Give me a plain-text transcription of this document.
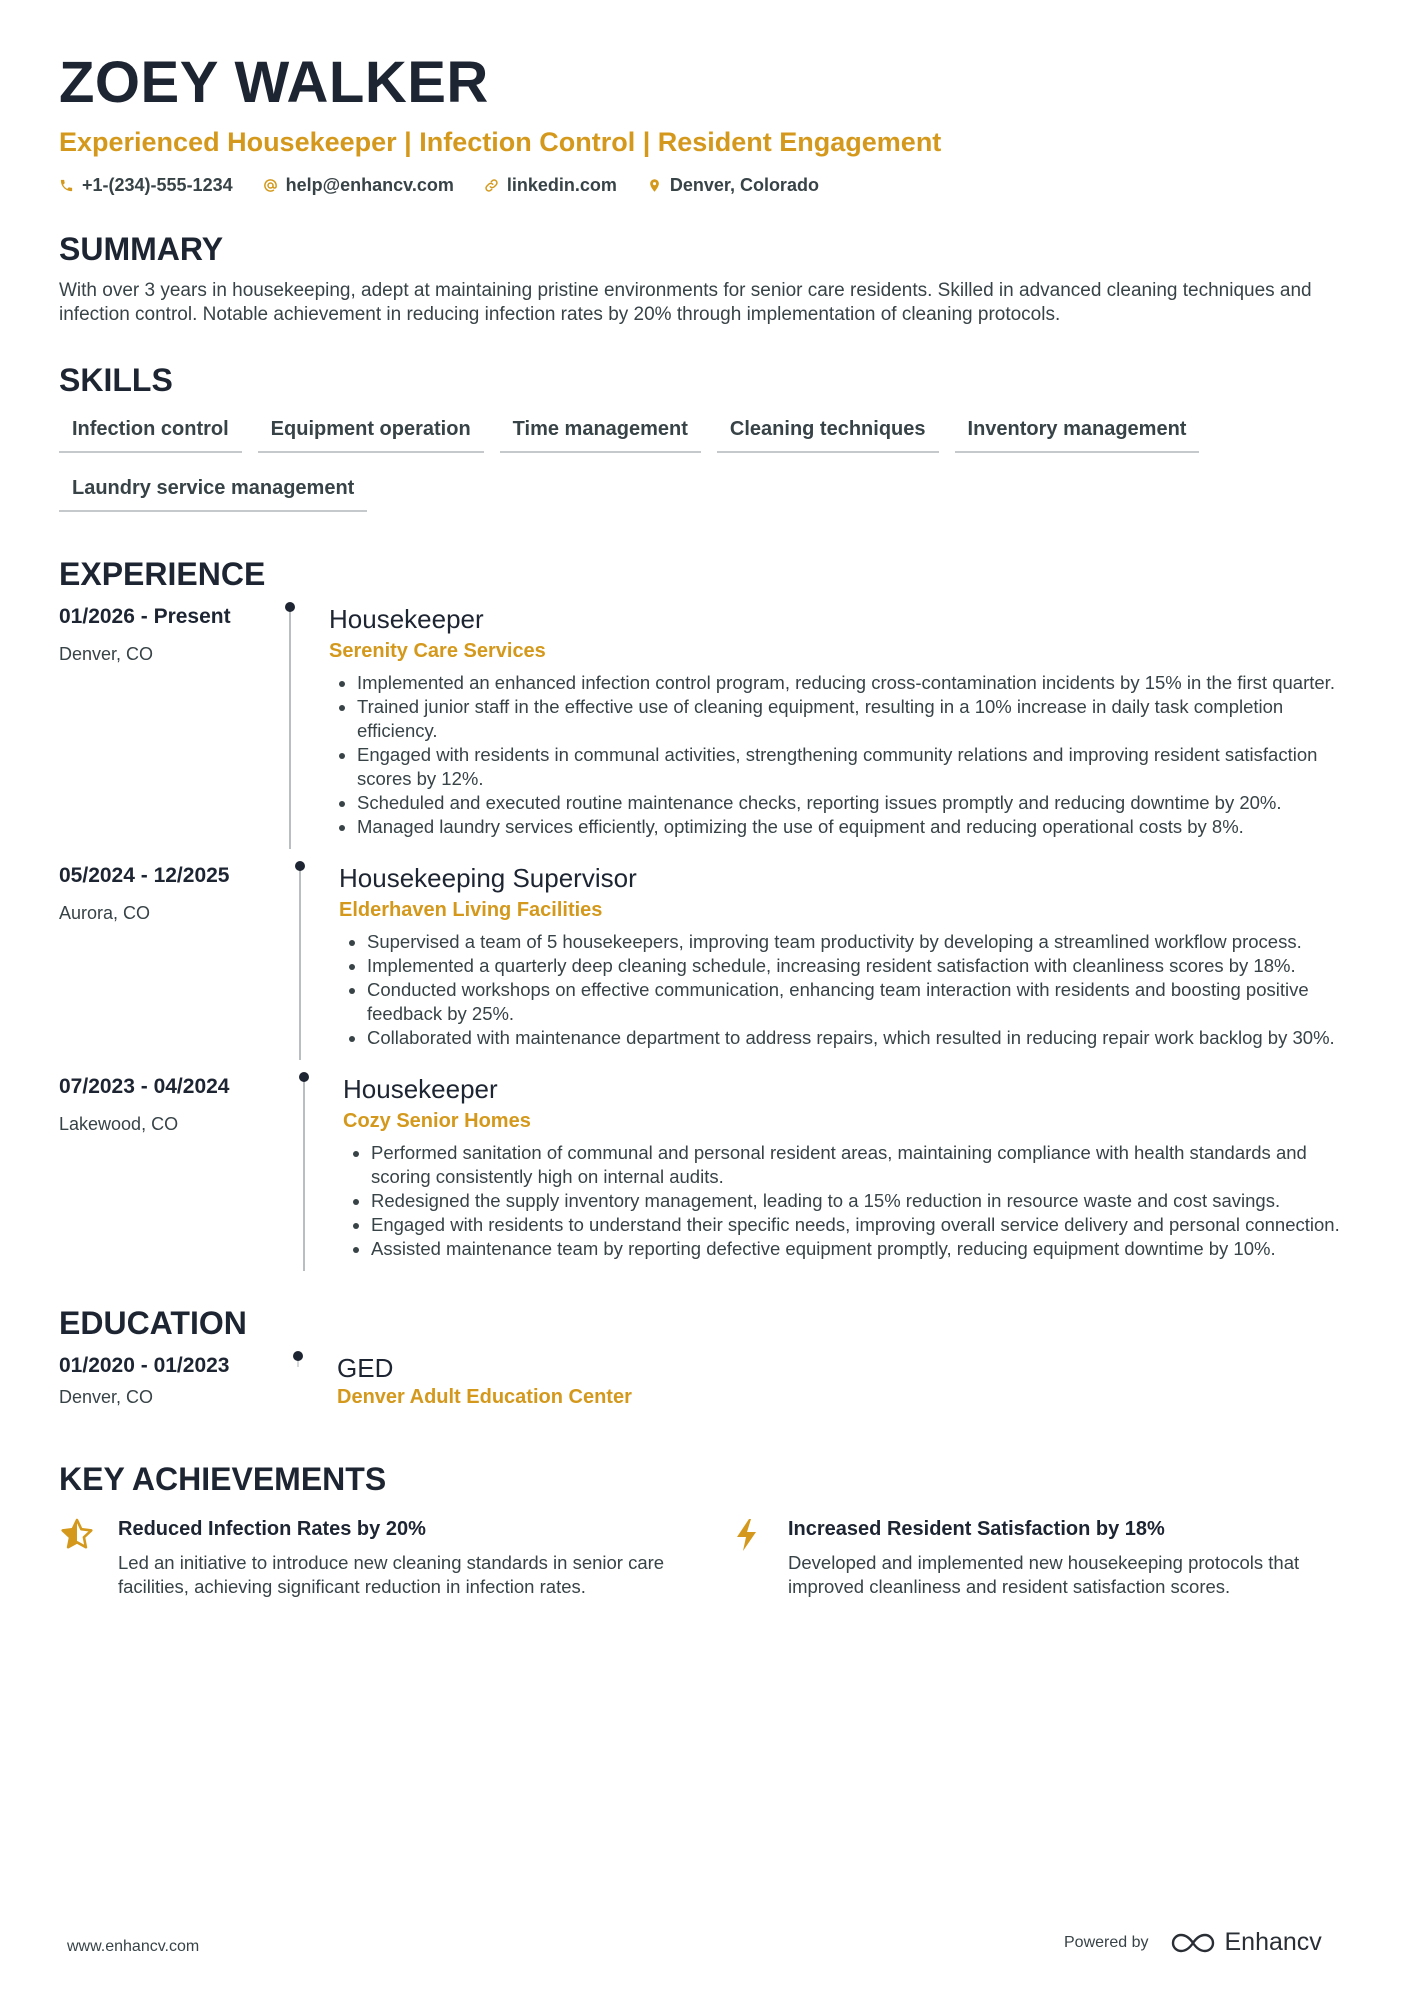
ZOEY WALKER
Experienced Housekeeper | Infection Control | Resident Engagement
+1-(234)-555-1234	help@enhancv.com	linkedin.com	Denver, Colorado
SUMMARY
With over 3 years in housekeeping, adept at maintaining pristine environments for senior care residents. Skilled in advanced cleaning techniques and infection control. Notable achievement in reducing infection rates by 20% through implementation of cleaning protocols.
SKILLS
Infection control	Equipment operation	Time management	Cleaning techniques	Inventory management
Laundry service management
EXPERIENCE
01/2026 - Present
Denver, CO
Housekeeper
Serenity Care Services
• Implemented an enhanced infection control program, reducing cross-contamination incidents by 15% in the first quarter.
• Trained junior staff in the effective use of cleaning equipment, resulting in a 10% increase in daily task completion efficiency.
• Engaged with residents in communal activities, strengthening community relations and improving resident satisfaction scores by 12%.
• Scheduled and executed routine maintenance checks, reporting issues promptly and reducing downtime by 20%.
• Managed laundry services efficiently, optimizing the use of equipment and reducing operational costs by 8%.
05/2024 - 12/2025
Aurora, CO
Housekeeping Supervisor
Elderhaven Living Facilities
• Supervised a team of 5 housekeepers, improving team productivity by developing a streamlined workflow process.
• Implemented a quarterly deep cleaning schedule, increasing resident satisfaction with cleanliness scores by 18%.
• Conducted workshops on effective communication, enhancing team interaction with residents and boosting positive feedback by 25%.
• Collaborated with maintenance department to address repairs, which resulted in reducing repair work backlog by 30%.
07/2023 - 04/2024
Lakewood, CO
Housekeeper
Cozy Senior Homes
• Performed sanitation of communal and personal resident areas, maintaining compliance with health standards and scoring consistently high on internal audits.
• Redesigned the supply inventory management, leading to a 15% reduction in resource waste and cost savings.
• Engaged with residents to understand their specific needs, improving overall service delivery and personal connection.
• Assisted maintenance team by reporting defective equipment promptly, reducing equipment downtime by 10%.
EDUCATION
01/2020 - 01/2023
Denver, CO
GED
Denver Adult Education Center
KEY ACHIEVEMENTS
Reduced Infection Rates by 20%
Led an initiative to introduce new cleaning standards in senior care facilities, achieving significant reduction in infection rates.
Increased Resident Satisfaction by 18%
Developed and implemented new housekeeping protocols that improved cleanliness and resident satisfaction scores.
www.enhancv.com	Powered by	Enhancv
